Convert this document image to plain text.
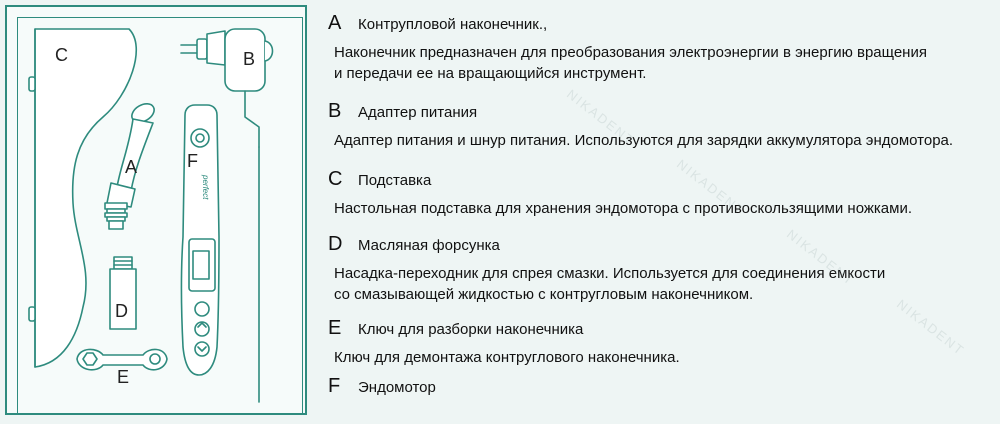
C	B
A	F
D
E
perfect
A	Контрупловой наконечник.,
Наконечник предназначен для преобразования электроэнергии в энергию вращения
и передачи ее на вращающийся инструмент.
B	Адаптер питания
Адаптер питания и шнур питания. Используются для зарядки аккумулятора эндомотора.
C	Подставка
Настольная подставка для хранения эндомотора с противоскользящими ножками.
D	Масляная форсунка
Насадка-переходник для спрея смазки. Используется для соединения емкости
со смазывающей жидкостью с контругловым наконечником.
E	Ключ для разборки наконечника
Ключ для демонтажа контруглового наконечника.
F	Эндомотор
NIKADENT
NIKADENT
NIKADENT
NIKADENT
